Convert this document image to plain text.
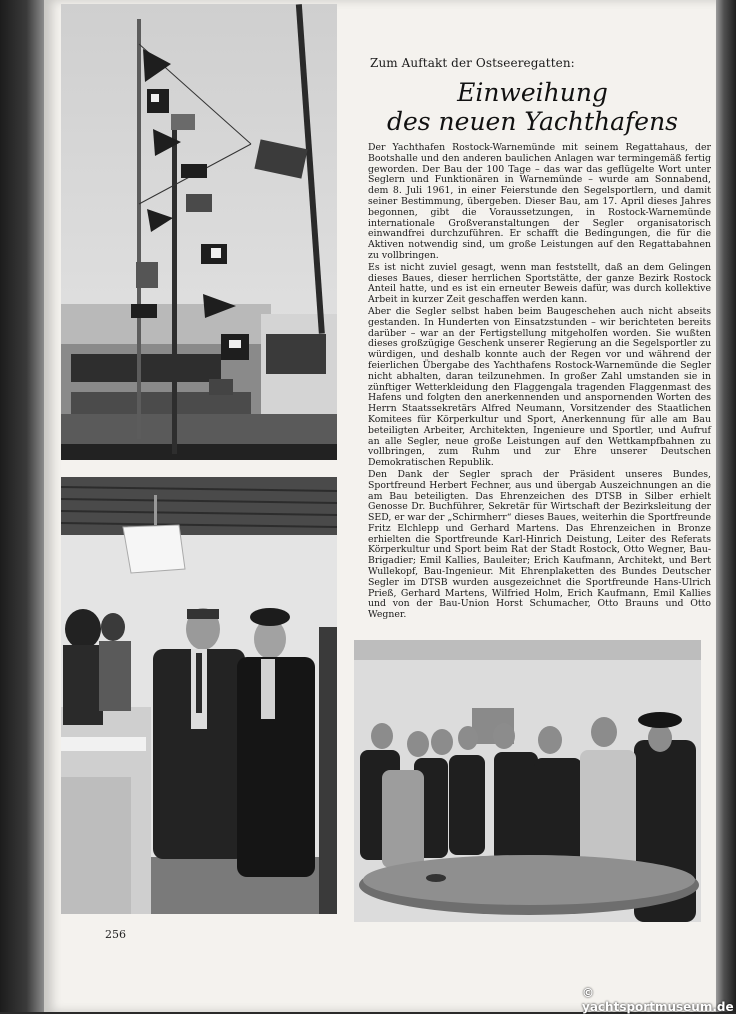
Zum Auftakt der Ostseeregatten:
Einweihung
des neuen Yachthafens

Der Yachthafen Rostock-Warnemünde mit seinem Regattahaus, der Bootshalle und den anderen baulichen Anlagen war termingemäß fertig geworden. Der Bau der 100 Tage – das war das geflügelte Wort unter Seglern und Funktionären in Warnemünde – wurde am Sonnabend, dem 8. Juli 1961, in einer Feierstunde den Segelsportlern, und damit seiner Bestimmung, übergeben. Dieser Bau, am 17. April dieses Jahres begonnen, gibt die Voraussetzungen, in Rostock-Warnemünde internationale Großveranstaltungen der Segler organisatorisch einwandfrei durchzuführen. Er schafft die Bedingungen, die für die Aktiven notwendig sind, um große Leistungen auf den Regattabahnen zu vollbringen.

Es ist nicht zuviel gesagt, wenn man feststellt, daß an dem Gelingen dieses Baues, dieser herrlichen Sportstätte, der ganze Bezirk Rostock Anteil hatte, und es ist ein erneuter Beweis dafür, was durch kollektive Arbeit in kurzer Zeit geschaffen werden kann.

Aber die Segler selbst haben beim Baugeschehen auch nicht abseits gestanden. In Hunderten von Einsatzstunden – wir berichteten bereits darüber – war an der Fertigstellung mitgeholfen worden. Sie wußten dieses großzügige Geschenk unserer Regierung an die Segelsportler zu würdigen, und deshalb konnte auch der Regen vor und während der feierlichen Übergabe des Yachthafens Rostock-Warnemünde die Segler nicht abhalten, daran teilzunehmen. In großer Zahl umstanden sie in zünftiger Wetterkleidung den Flaggengala tragenden Flaggenmast des Hafens und folgten den anerkennenden und anspornenden Worten des Herrn Staatssekretärs Alfred Neumann, Vorsitzender des Staatlichen Komitees für Körperkultur und Sport, Anerkennung für alle am Bau beteiligten Arbeiter, Architekten, Ingenieure und Sportler, und Aufruf an alle Segler, neue große Leistungen auf den Wettkampfbahnen zu vollbringen, zum Ruhm und zur Ehre unserer Deutschen Demokratischen Republik.

Den Dank der Segler sprach der Präsident unseres Bundes, Sportfreund Herbert Fechner, aus und übergab Auszeichnungen an die am Bau beteiligten. Das Ehrenzeichen des DTSB in Silber erhielt Genosse Dr. Buchführer, Sekretär für Wirtschaft der Bezirksleitung der SED, er war der „Schirmherr“ dieses Baues, weiterhin die Sportfreunde Fritz Elchlepp und Gerhard Martens. Das Ehrenzeichen in Bronze erhielten die Sportfreunde Karl-Hinrich Deistung, Leiter des Referats Körperkultur und Sport beim Rat der Stadt Rostock, Otto Wegner, Bau-Brigadier; Emil Kallies, Bauleiter; Erich Kaufmann, Architekt, und Bert Wullekopf, Bau-Ingenieur. Mit Ehrenplaketten des Bundes Deutscher Segler im DTSB wurden ausgezeichnet die Sportfreunde Hans-Ulrich Prieß, Gerhard Martens, Wilfried Holm, Erich Kaufmann, Emil Kallies und von der Bau-Union Horst Schumacher, Otto Brauns und Otto Wegner.

256
© yachtsportmuseum.de
